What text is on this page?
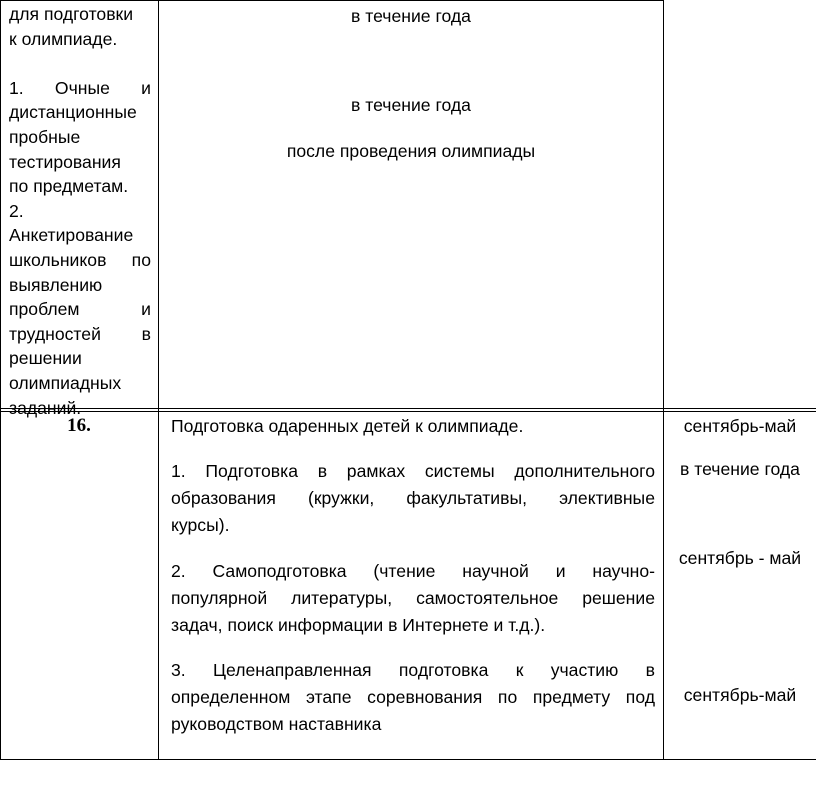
для подготовки
к олимпиаде.
1. Очные и
дистанционные
пробные
тестирования
по предметам.
2.
Анкетирование
школьников по
выявлению
проблем и
трудностей в
решении
олимпиадных
заданий.
в течение года
в течение года
после проведения олимпиады
16.	Подготовка одаренных детей к олимпиаде.
1. Подготовка в рамках системы дополнительного
образования (кружки, факультативы, элективные
курсы).
2. Самоподготовка (чтение научной и научно-
популярной литературы, самостоятельное решение
задач, поиск информации в Интернете и т.д.).
3. Целенаправленная подготовка к участию в
определенном этапе соревнования по предмету под
руководством наставника
сентябрь-май
в течение года
сентябрь - май
сентябрь-май
